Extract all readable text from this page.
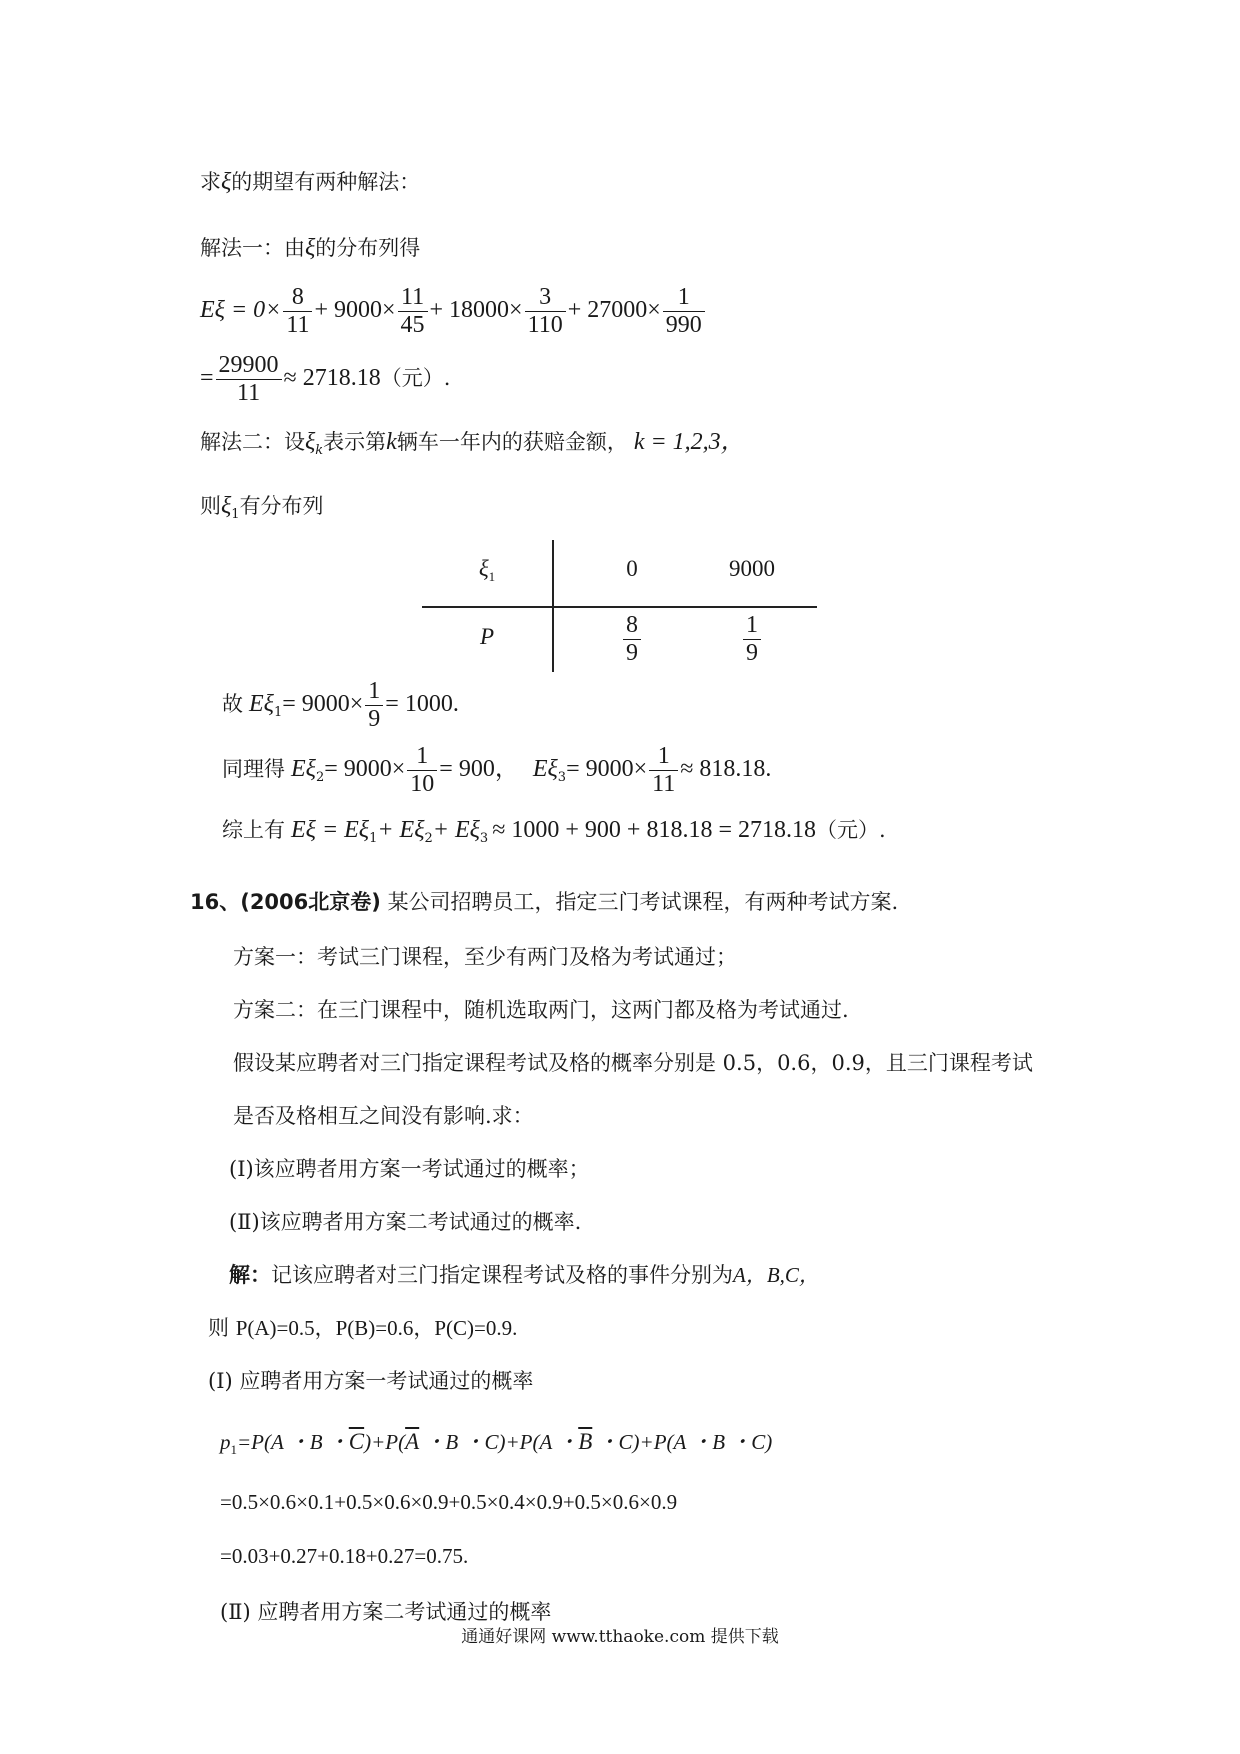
求ξ的期望有两种解法：
解法一：由ξ的分布列得
$E\xi = 0\times \frac{8}{11} + 9000\times \frac{11}{45} + 18000\times \frac{3}{110} + 27000\times \frac{1}{990}$
= $\frac{29900}{11} \approx 2718.18$（元）.
解法二：设$\xi_k$表示第k辆车一年内的获赔金额， k = 1,2,3，
则$\xi_1$有分布列
$\xi_1$	0	9000
P	$\frac{8}{9}$	$\frac{1}{9}$
故 $E\xi_1= 9000\times \frac{1}{9} = 1000$.
同理得 $E\xi_2= 9000\times \frac{1}{10} = 900$， $E\xi_3= 9000\times \frac{1}{11} \approx 818.18$.
综上有 $E\xi = E\xi_1+ E\xi_2+ E\xi_3 \approx 1000 + 900 + 818.18 = 2718.18$（元）.
16、(2006北京卷) 某公司招聘员工，指定三门考试课程，有两种考试方案.
方案一：考试三门课程，至少有两门及格为考试通过；
方案二：在三门课程中，随机选取两门，这两门都及格为考试通过.
假设某应聘者对三门指定课程考试及格的概率分别是 0.5，0.6，0.9，且三门课程考试
是否及格相互之间没有影响.求：
(Ⅰ)该应聘者用方案一考试通过的概率；
(Ⅱ)该应聘者用方案二考试通过的概率.
解：记该应聘者对三门指定课程考试及格的事件分别为A，B,C，
则 P(A)=0.5，P(B)=0.6，P(C)=0.9.
(Ⅰ) 应聘者用方案一考试通过的概率
$p_1=P(A$ ・B ・$\overline{C})+P(\overline{A}$ ・B ・C)+P(A ・$\overline{B}$ ・C)+P(A ・B ・C)
=0.5×0.6×0.1+0.5×0.6×0.9+0.5×0.4×0.9+0.5×0.6×0.9
=0.03+0.27+0.18+0.27=0.75.
(Ⅱ) 应聘者用方案二考试通过的概率
通通好课网 www.tthaoke.com 提供下载
